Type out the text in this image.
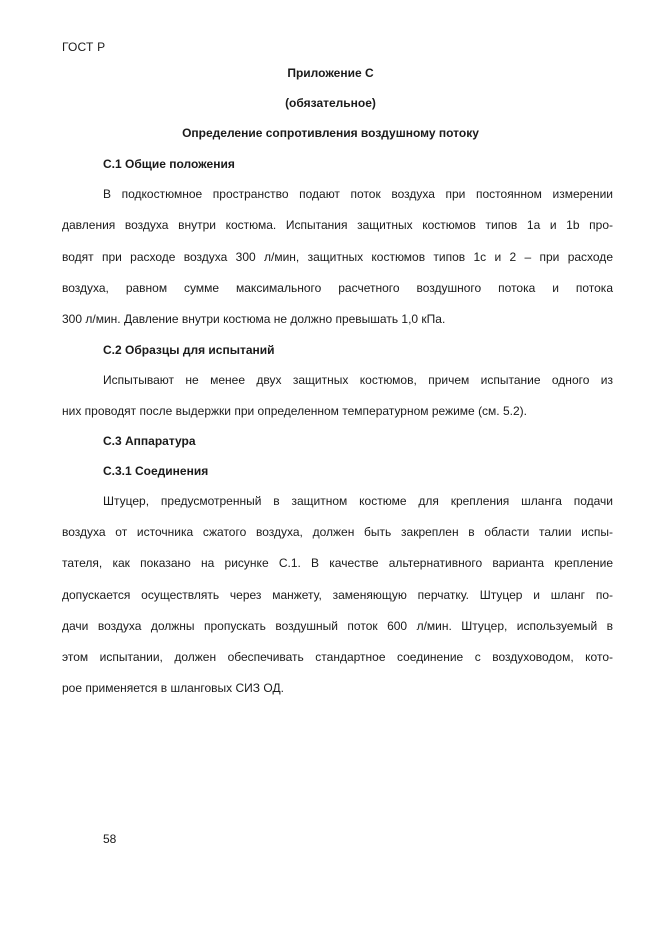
ГОСТ Р
Приложение С
(обязательное)
Определение сопротивления воздушному потоку
С.1 Общие положения
В подкостюмное пространство подают поток воздуха при постоянном измерении
давления воздуха внутри костюма. Испытания защитных костюмов типов 1а и 1b про-
водят при расходе воздуха 300 л/мин, защитных костюмов типов 1с и 2 – при расходе
воздуха, равном сумме максимального расчетного воздушного потока и потока
300 л/мин. Давление внутри костюма не должно превышать 1,0 кПа.
С.2 Образцы для испытаний
Испытывают не менее двух защитных костюмов, причем испытание одного из
них проводят после выдержки при определенном температурном режиме (см. 5.2).
С.3 Аппаратура
С.3.1 Соединения
Штуцер, предусмотренный в защитном костюме для крепления шланга подачи
воздуха от источника сжатого воздуха, должен быть закреплен в области талии испы-
тателя, как показано на рисунке С.1. В качестве альтернативного варианта крепление
допускается осуществлять через манжету, заменяющую перчатку. Штуцер и шланг по-
дачи воздуха должны пропускать воздушный поток 600 л/мин. Штуцер, используемый в
этом испытании, должен обеспечивать стандартное соединение с воздуховодом, кото-
рое применяется в шланговых СИЗ ОД.
58
